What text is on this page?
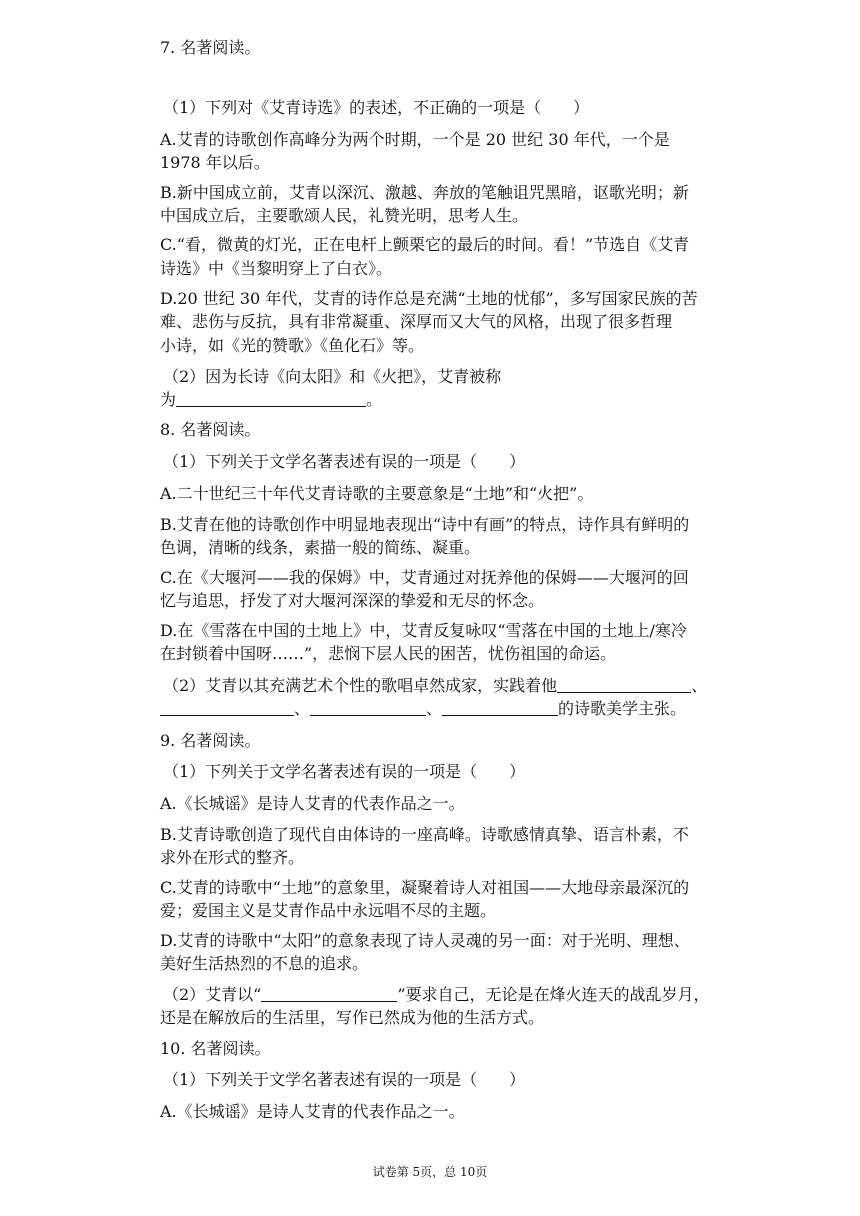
7. 名著阅读。
（1）下列对《艾青诗选》的表述，不正确的一项是（　　）
A.艾青的诗歌创作高峰分为两个时期，一个是 20 世纪 30 年代，一个是
1978 年以后。
B.新中国成立前，艾青以深沉、激越、奔放的笔触诅咒黑暗，讴歌光明；新
中国成立后，主要歌颂人民，礼赞光明，思考人生。
C.“看，微黄的灯光，正在电杆上颤栗它的最后的时间。看！”节选自《艾青
诗选》中《当黎明穿上了白衣》。
D.20 世纪 30 年代，艾青的诗作总是充满“土地的忧郁”，多写国家民族的苦
难、悲伤与反抗，具有非常凝重、深厚而又大气的风格，出现了很多哲理
小诗，如《光的赞歌》《鱼化石》等。
（2）因为长诗《向太阳》和《火把》，艾青被称
为	。
8. 名著阅读。
（1）下列关于文学名著表述有误的一项是（　　）
A.二十世纪三十年代艾青诗歌的主要意象是“土地”和“火把”。
B.艾青在他的诗歌创作中明显地表现出“诗中有画”的特点，诗作具有鲜明的
色调，清晰的线条，素描一般的简练、凝重。
C.在《大堰河——我的保姆》中，艾青通过对抚养他的保姆——大堰河的回
忆与追思，抒发了对大堰河深深的挚爱和无尽的怀念。
D.在《雪落在中国的土地上》中，艾青反复咏叹“雪落在中国的土地上/寒冷
在封锁着中国呀……”，悲悯下层人民的困苦，忧伤祖国的命运。
（2）艾青以其充满艺术个性的歌唱卓然成家，实践着他	、
、	、	的诗歌美学主张。
9. 名著阅读。
（1）下列关于文学名著表述有误的一项是（　　）
A.《长城谣》是诗人艾青的代表作品之一。
B.艾青诗歌创造了现代自由体诗的一座高峰。诗歌感情真挚、语言朴素，不
求外在形式的整齐。
C.艾青的诗歌中“土地”的意象里，凝聚着诗人对祖国——大地母亲最深沉的
爱；爱国主义是艾青作品中永远唱不尽的主题。
D.艾青的诗歌中“太阳”的意象表现了诗人灵魂的另一面：对于光明、理想、
美好生活热烈的不息的追求。
（2）艾青以“	”要求自己，无论是在烽火连天的战乱岁月，
还是在解放后的生活里，写作已然成为他的生活方式。
10. 名著阅读。
（1）下列关于文学名著表述有误的一项是（　　）
A.《长城谣》是诗人艾青的代表作品之一。
试卷第 5页，总 10页
